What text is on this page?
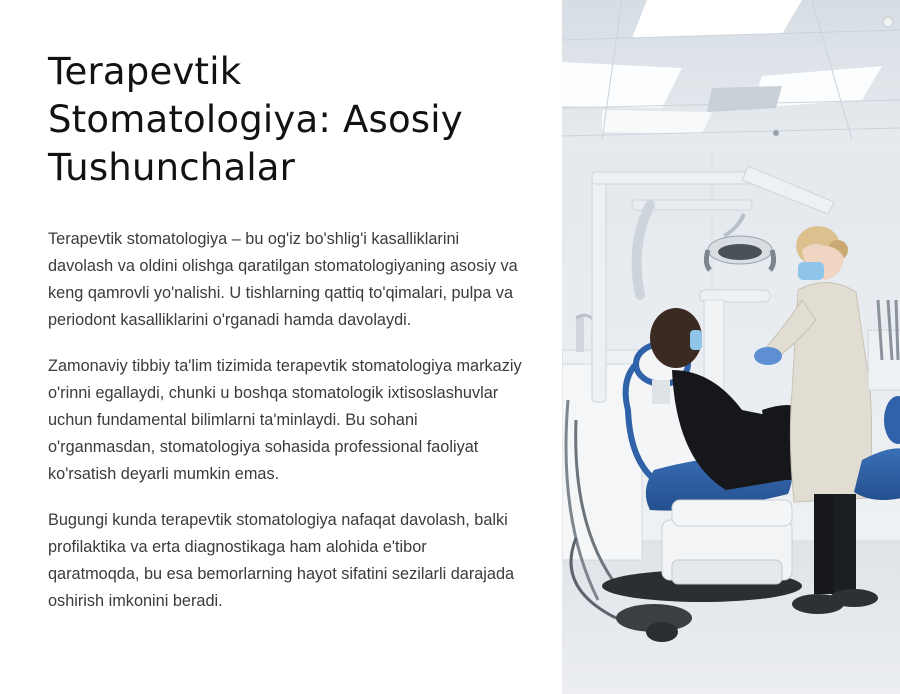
Terapevtik Stomatologiya: Asosiy Tushunchalar

Terapevtik stomatologiya – bu og'iz bo'shlig'i kasalliklarini davolash va oldini olishga qaratilgan stomatologiyaning asosiy va keng qamrovli yo'nalishi. U tishlarning qattiq to'qimalari, pulpa va periodont kasalliklarini o'rganadi hamda davolaydi.

Zamonaviy tibbiy ta'lim tizimida terapevtik stomatologiya markaziy o'rinni egallaydi, chunki u boshqa stomatologik ixtisoslashuvlar uchun fundamental bilimlarni ta'minlaydi. Bu sohani o'rganmasdan, stomatologiya sohasida professional faoliyat ko'rsatish deyarli mumkin emas.

Bugungi kunda terapevtik stomatologiya nafaqat davolash, balki profilaktika va erta diagnostikaga ham alohida e'tibor qaratmoqda, bu esa bemorlarning hayot sifatini sezilarli darajada oshirish imkonini beradi.
